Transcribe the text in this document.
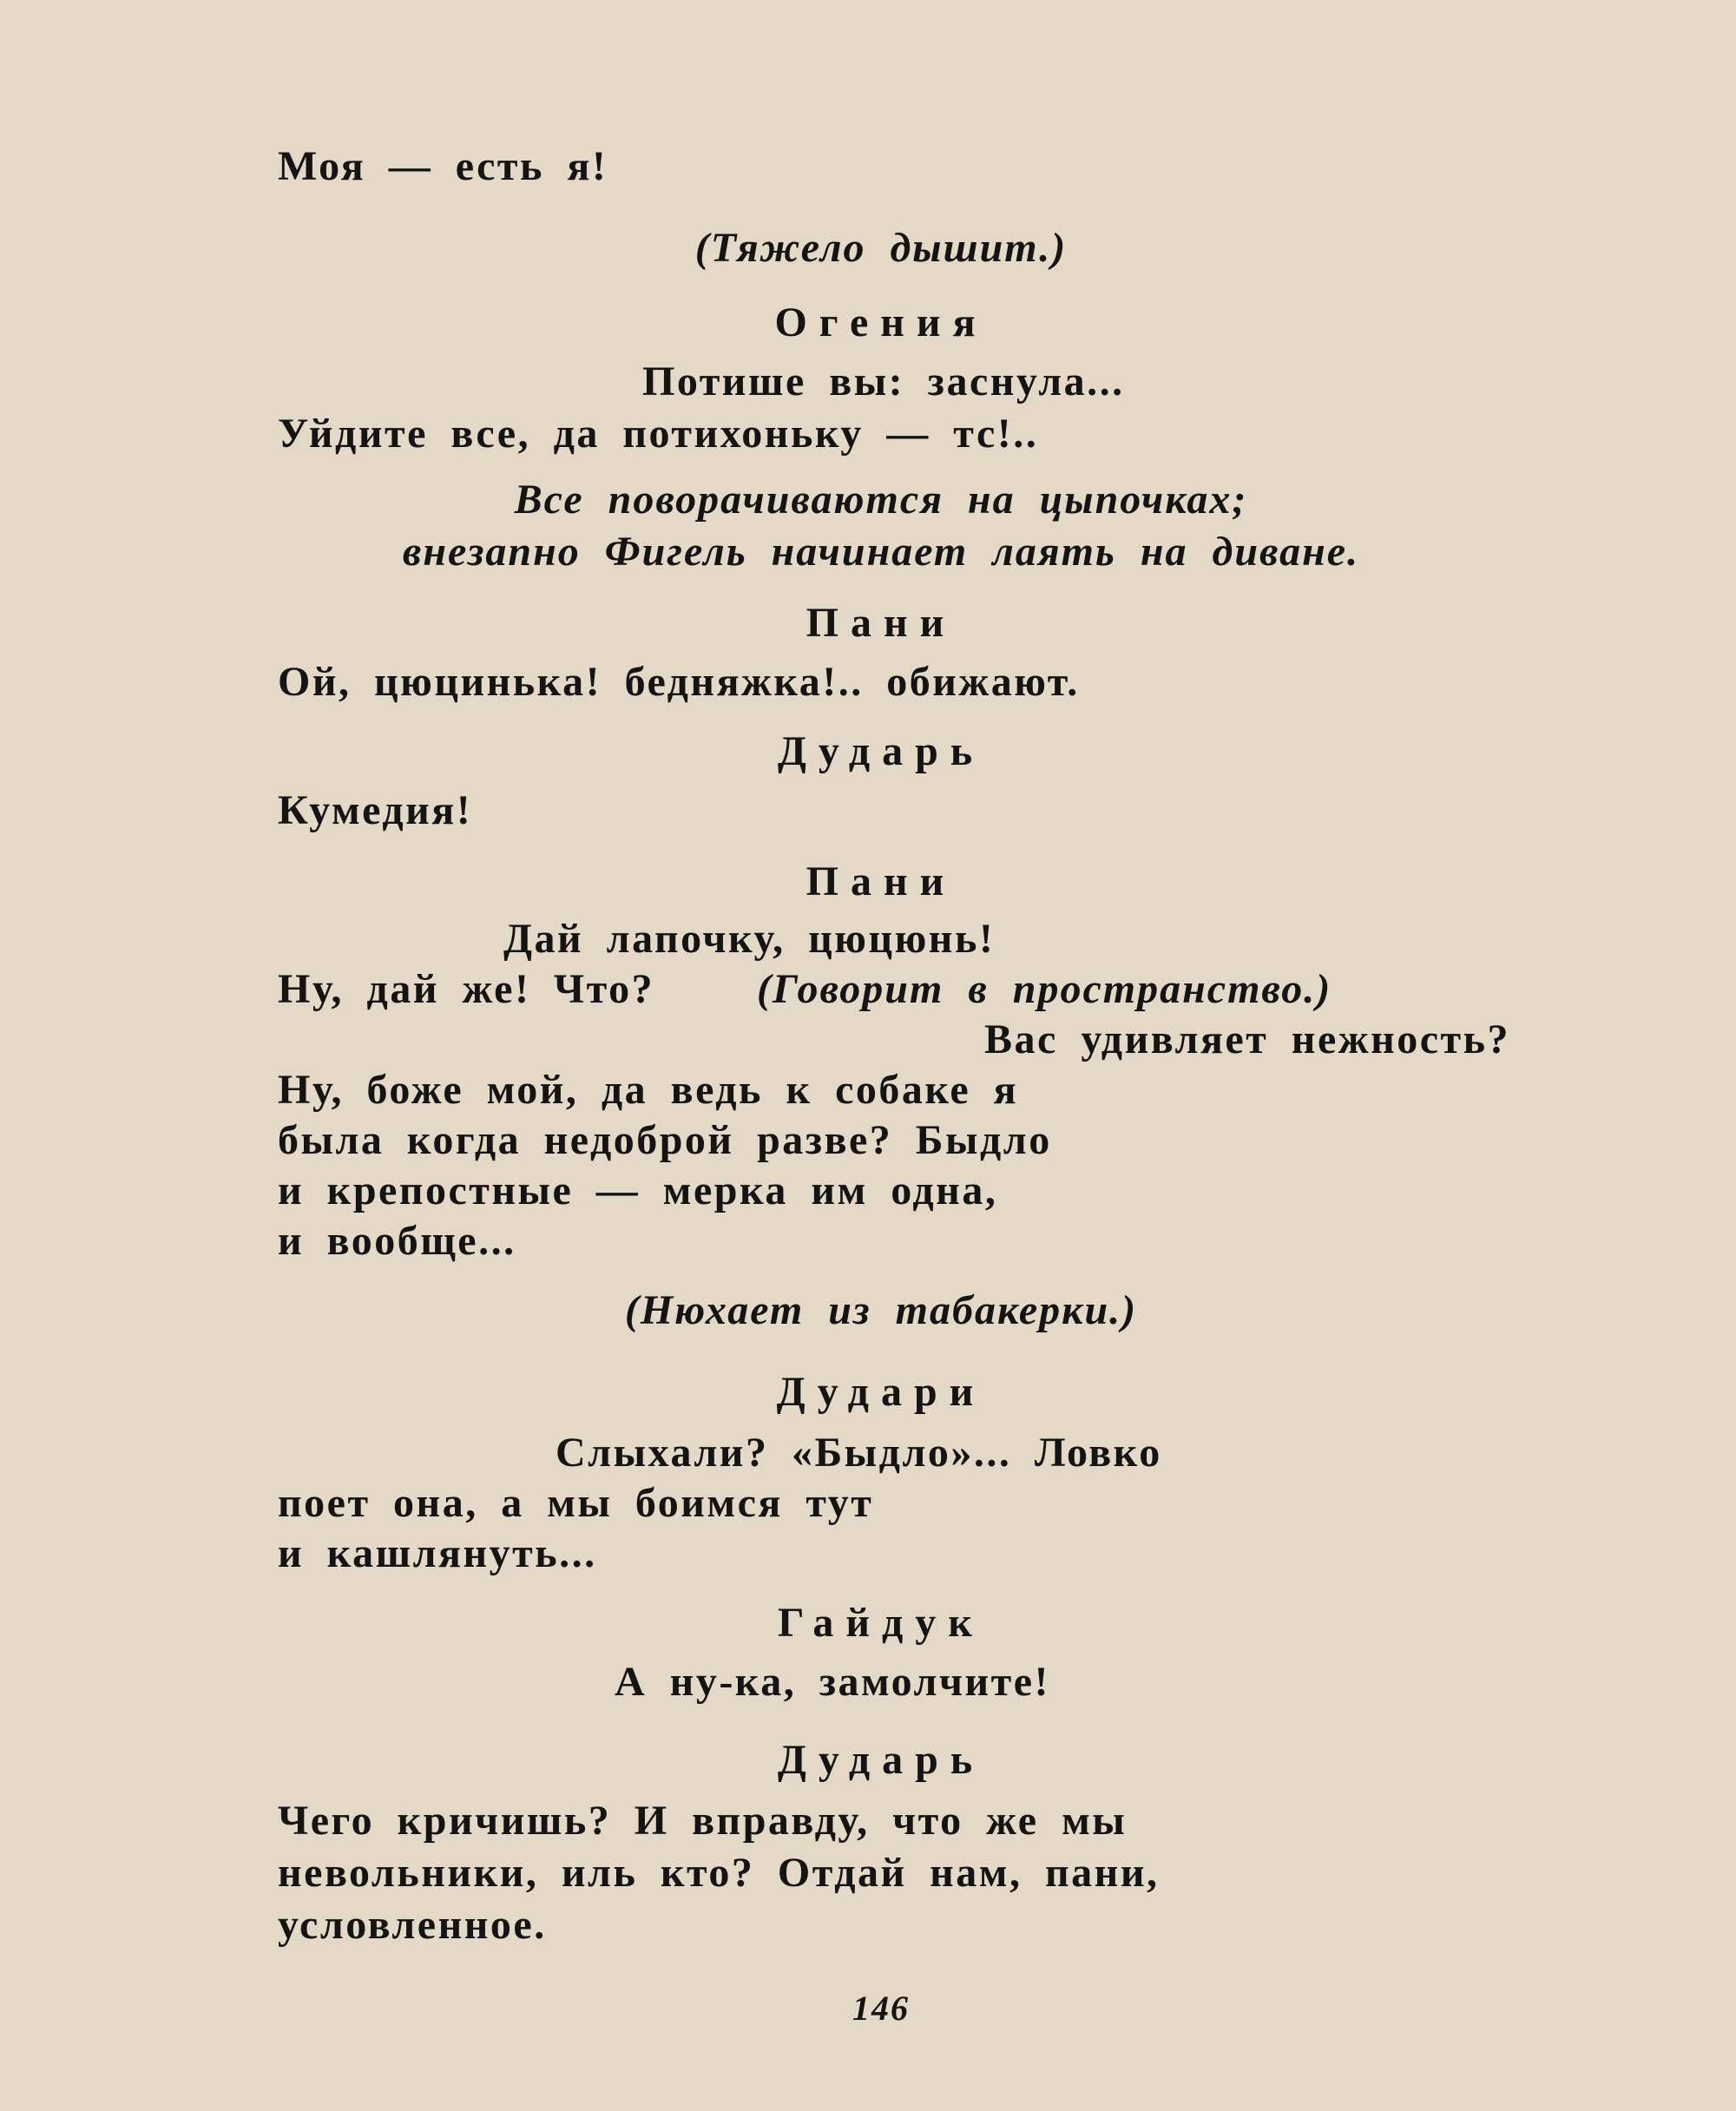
Моя — есть я!
(Тяжело дышит.)
Огения
Потише вы: заснула...
Уйдите все, да потихоньку — тс!..
Все поворачиваются на цыпочках;
внезапно Фигель начинает лаять на диване.
Пани
Ой, цюцинька! бедняжка!.. обижают.
Дударь
Кумедия!
Пани
Дай лапочку, цюцюнь!
Ну, дай же! Что? (Говорит в пространство.)
Вас удивляет нежность?
Ну, боже мой, да ведь к собаке я
была когда недоброй разве? Быдло
и крепостные — мерка им одна,
и вообще...
(Нюхает из табакерки.)
Дудари
Слыхали? «Быдло»... Ловко
поет она, а мы боимся тут
и кашлянуть...
Гайдук
А ну-ка, замолчите!
Дударь
Чего кричишь? И вправду, что же мы
невольники, иль кто? Отдай нам, пани,
условленное.
146
